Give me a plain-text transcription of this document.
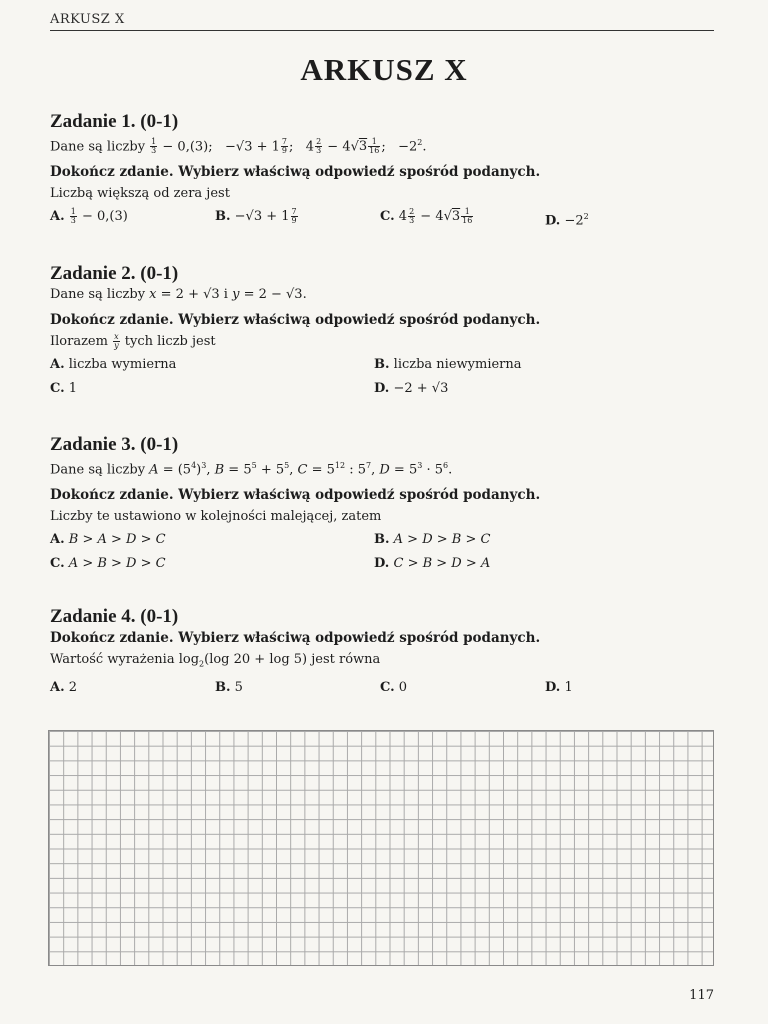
ARKUSZ X
ARKUSZ X
Zadanie 1. (0-1)
Dane są liczby $\frac{1}{3} - 0,(3)$;   $-√3 + 1 \frac{7}{9}$ ;   $4 \frac{2}{3} - 4√3 \frac{1}{16}$ ;   $-2^2$.
Dokończ zdanie. Wybierz właściwą odpowiedź spośród podanych.
Liczbą większą od zera jest
A. $\frac{1}{3} - 0,(3)$	B. $-√3 + 1 \frac{7}{9}$	C. $4 \frac{2}{3} - 4√3 \frac{1}{16}$	D. $-2^2$
Zadanie 2. (0-1)
Dane są liczby x = 2 + √3 i y = 2 − √3.
Dokończ zdanie. Wybierz właściwą odpowiedź spośród podanych.
Ilorazem $\frac{x}{y}$ tych liczb jest
A. liczba wymierna	B. liczba niewymierna
C. 1	D. −2 + √3
Zadanie 3. (0-1)
Dane są liczby $A = (5^4)^3$, $B = 5^5 + 5^5$, $C = 5^{12}$ : $5^7$, $D = 5^3 \cdot 5^6$.
Dokończ zdanie. Wybierz właściwą odpowiedź spośród podanych.
Liczby te ustawiono w kolejności malejącej, zatem
A. B > A > D > C	B. A > D > B > C
C. A > B > D > C	D. C > B > D > A
Zadanie 4. (0-1)
Dokończ zdanie. Wybierz właściwą odpowiedź spośród podanych.
Wartość wyrażenia $\log_2(\log$ 20 + log 5) jest równa
A. 2	B. 5	C. 0	D. 1
117
